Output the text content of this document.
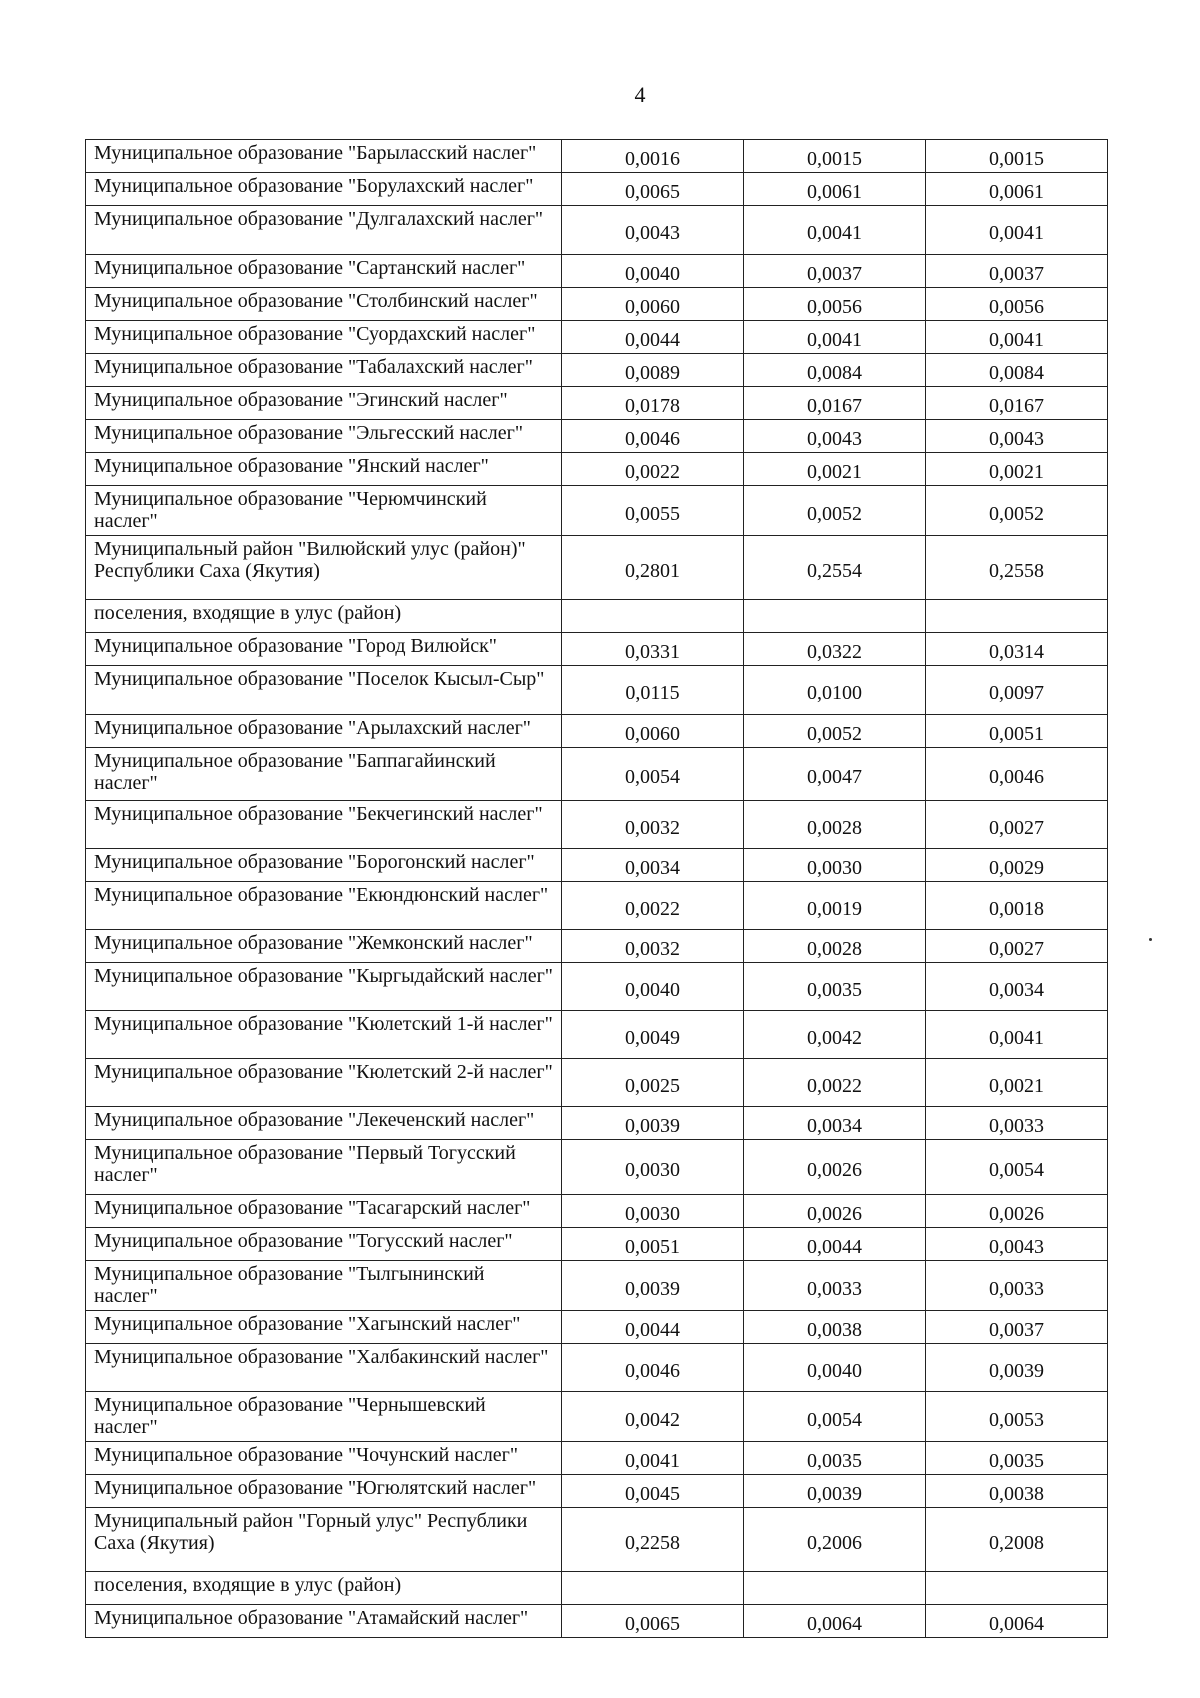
4
Муниципальное образование "Барыласский наслег"	0,0016	0,0015	0,0015
Муниципальное образование "Борулахский наслег"	0,0065	0,0061	0,0061
Муниципальное образование "Дулгалахский наслег"	0,0043	0,0041	0,0041
Муниципальное образование "Сартанский наслег"	0,0040	0,0037	0,0037
Муниципальное образование "Столбинский наслег"	0,0060	0,0056	0,0056
Муниципальное образование "Суордахский наслег"	0,0044	0,0041	0,0041
Муниципальное образование "Табалахский наслег"	0,0089	0,0084	0,0084
Муниципальное образование "Эгинский наслег"	0,0178	0,0167	0,0167
Муниципальное образование "Эльгесский наслег"	0,0046	0,0043	0,0043
Муниципальное образование "Янский наслег"	0,0022	0,0021	0,0021
Муниципальное образование "Черюмчинский наслег"	0,0055	0,0052	0,0052
Муниципальный район "Вилюйский улус (район)" Республики Саха (Якутия)	0,2801	0,2554	0,2558
поселения, входящие в улус (район)			
Муниципальное образование "Город Вилюйск"	0,0331	0,0322	0,0314
Муниципальное образование "Поселок Кысыл-Сыр"	0,0115	0,0100	0,0097
Муниципальное образование "Арылахский наслег"	0,0060	0,0052	0,0051
Муниципальное образование "Баппагайинский наслег"	0,0054	0,0047	0,0046
Муниципальное образование "Бекчегинский наслег"	0,0032	0,0028	0,0027
Муниципальное образование "Борогонский наслег"	0,0034	0,0030	0,0029
Муниципальное образование "Екюндюнский наслег"	0,0022	0,0019	0,0018
Муниципальное образование "Жемконский наслег"	0,0032	0,0028	0,0027
Муниципальное образование "Кыргыдайский наслег"	0,0040	0,0035	0,0034
Муниципальное образование "Кюлетский 1-й наслег"	0,0049	0,0042	0,0041
Муниципальное образование "Кюлетский 2-й наслег"	0,0025	0,0022	0,0021
Муниципальное образование "Лекеченский наслег"	0,0039	0,0034	0,0033
Муниципальное образование "Первый Тогусский наслег"	0,0030	0,0026	0,0054
Муниципальное образование "Тасагарский наслег"	0,0030	0,0026	0,0026
Муниципальное образование "Тогусский наслег"	0,0051	0,0044	0,0043
Муниципальное образование "Тылгынинский наслег"	0,0039	0,0033	0,0033
Муниципальное образование "Хагынский наслег"	0,0044	0,0038	0,0037
Муниципальное образование "Халбакинский наслег"	0,0046	0,0040	0,0039
Муниципальное образование "Чернышевский наслег"	0,0042	0,0054	0,0053
Муниципальное образование "Чочунский наслег"	0,0041	0,0035	0,0035
Муниципальное образование "Югюлятский наслег"	0,0045	0,0039	0,0038
Муниципальный район "Горный улус" Республики Саха (Якутия)	0,2258	0,2006	0,2008
поселения, входящие в улус (район)			
Муниципальное образование "Атамайский наслег"	0,0065	0,0064	0,0064
